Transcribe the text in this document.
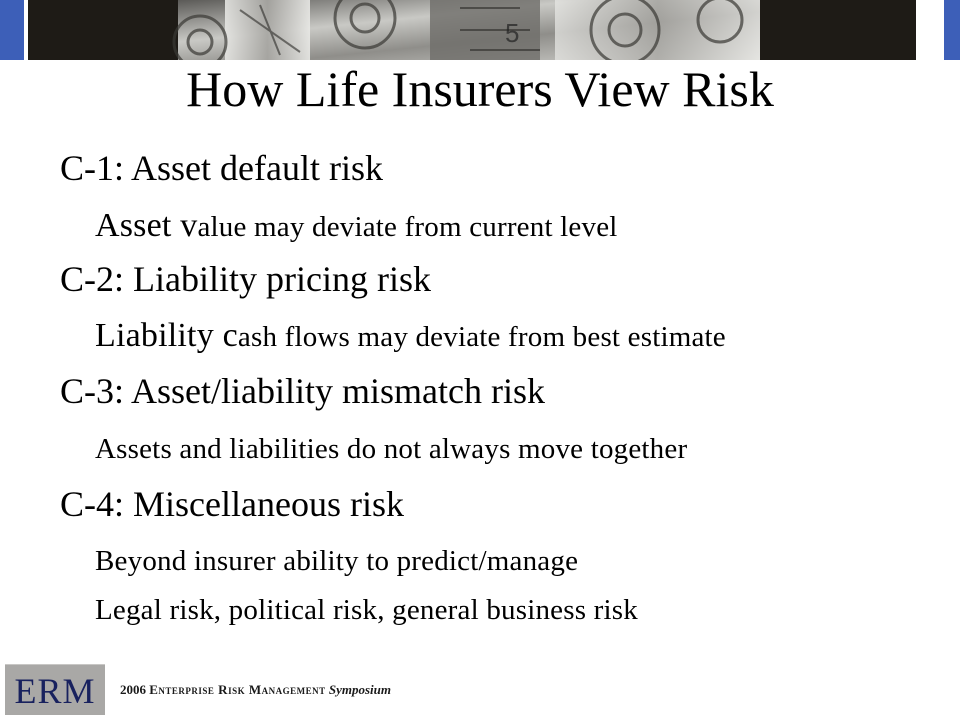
5
How Life Insurers View Risk
C-1: Asset default risk
Asset value may deviate from current level
C-2: Liability pricing risk
Liability cash flows may deviate from best estimate
C-3: Asset/liability mismatch risk
Assets and liabilities do not always move together
C-4: Miscellaneous risk
Beyond insurer ability to predict/manage
Legal risk, political risk, general business risk
ERM	2006 Enterprise Risk Management Symposium
